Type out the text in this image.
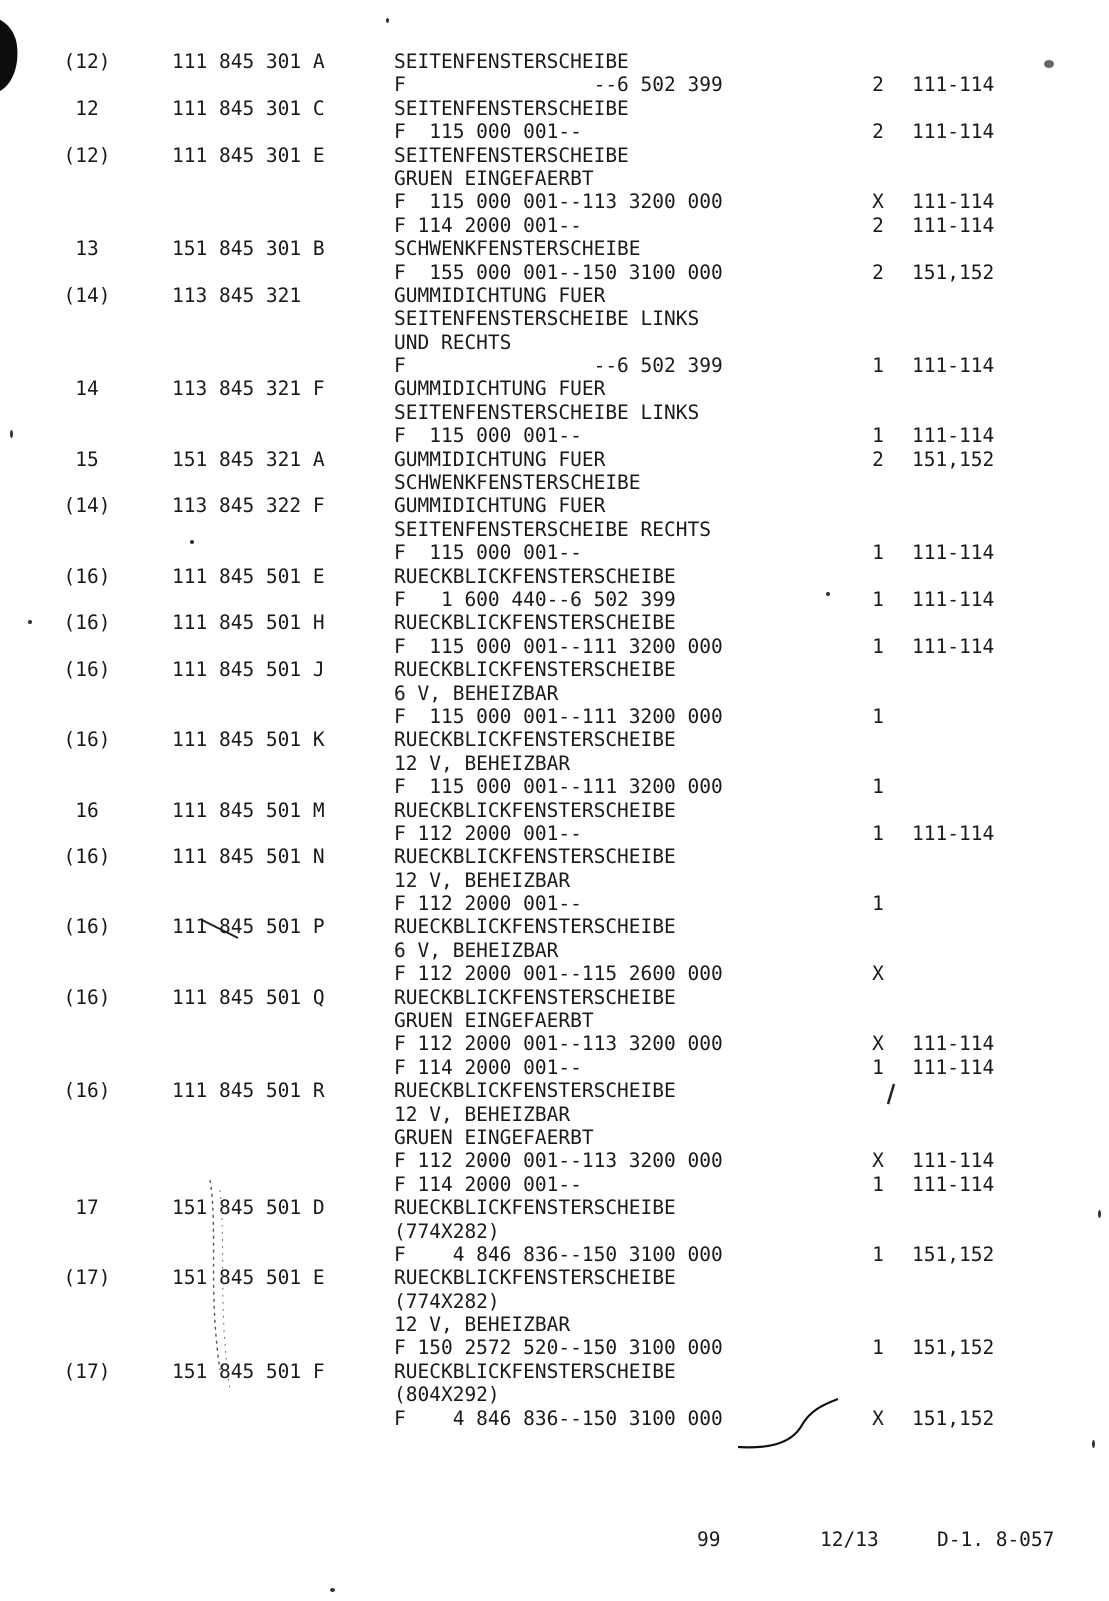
(12)	111 845 301 A	SEITENFENSTERSCHEIBE
F                --6 502 399	2 111-114
12	111 845 301 C	SEITENFENSTERSCHEIBE
F  115 000 001--	2 111-114
(12)	111 845 301 E	SEITENFENSTERSCHEIBE
GRUEN EINGEFAERBT
F  115 000 001--113 3200 000	X 111-114
F 114 2000 001--	2 111-114
13	151 845 301 B	SCHWENKFENSTERSCHEIBE
F  155 000 001--150 3100 000	2 151,152
(14)	113 845 321	GUMMIDICHTUNG FUER
SEITENFENSTERSCHEIBE LINKS
UND RECHTS
F                --6 502 399	1 111-114
14	113 845 321 F	GUMMIDICHTUNG FUER
SEITENFENSTERSCHEIBE LINKS
F  115 000 001--	1 111-114
15	151 845 321 A	GUMMIDICHTUNG FUER	2 151,152
SCHWENKFENSTERSCHEIBE
(14)	113 845 322 F	GUMMIDICHTUNG FUER
SEITENFENSTERSCHEIBE RECHTS
F  115 000 001--	1 111-114
(16)	111 845 501 E	RUECKBLICKFENSTERSCHEIBE
F   1 600 440--6 502 399	1 111-114
(16)	111 845 501 H	RUECKBLICKFENSTERSCHEIBE
F  115 000 001--111 3200 000	1 111-114
(16)	111 845 501 J	RUECKBLICKFENSTERSCHEIBE
6 V, BEHEIZBAR
F  115 000 001--111 3200 000	1
(16)	111 845 501 K	RUECKBLICKFENSTERSCHEIBE
12 V, BEHEIZBAR
F  115 000 001--111 3200 000	1
16	111 845 501 M	RUECKBLICKFENSTERSCHEIBE
F 112 2000 001--	1 111-114
(16)	111 845 501 N	RUECKBLICKFENSTERSCHEIBE
12 V, BEHEIZBAR
F 112 2000 001--	1
(16)	111 845 501 P	RUECKBLICKFENSTERSCHEIBE
6 V, BEHEIZBAR
F 112 2000 001--115 2600 000	X
(16)	111 845 501 Q	RUECKBLICKFENSTERSCHEIBE
GRUEN EINGEFAERBT
F 112 2000 001--113 3200 000	X 111-114
F 114 2000 001--	1 111-114
(16)	111 845 501 R	RUECKBLICKFENSTERSCHEIBE
12 V, BEHEIZBAR
GRUEN EINGEFAERBT
F 112 2000 001--113 3200 000	X 111-114
F 114 2000 001--	1 111-114
17	151 845 501 D	RUECKBLICKFENSTERSCHEIBE
(774X282)
F    4 846 836--150 3100 000	1 151,152
(17)	151 845 501 E	RUECKBLICKFENSTERSCHEIBE
(774X282)
12 V, BEHEIZBAR
F 150 2572 520--150 3100 000	1 151,152
(17)	151 845 501 F	RUECKBLICKFENSTERSCHEIBE
(804X292)
F    4 846 836--150 3100 000	X 151,152
99	12/13	D-1. 8-057
